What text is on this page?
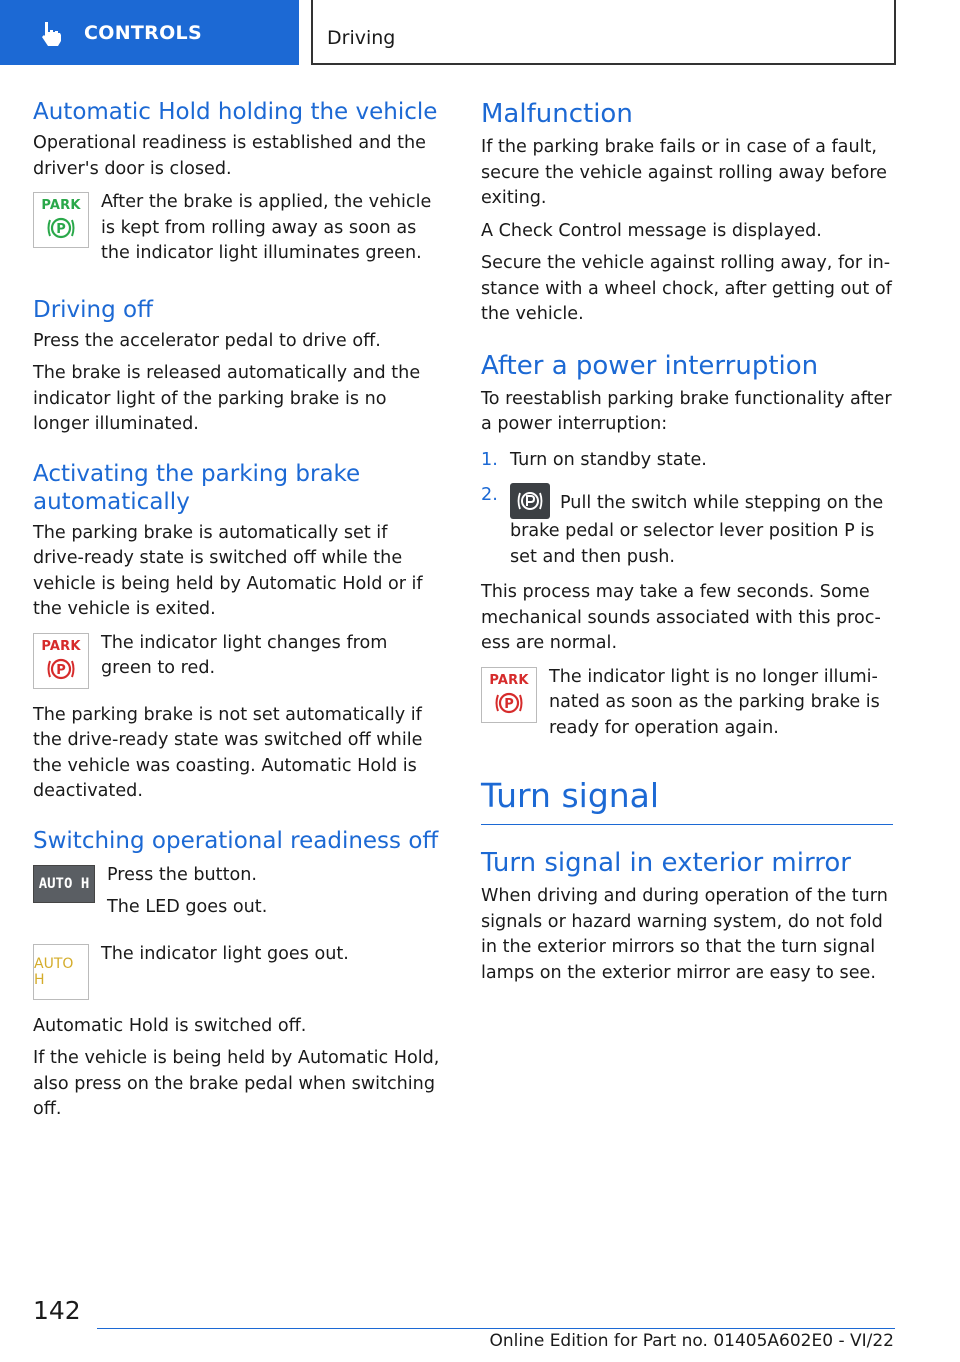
CONTROLS	Driving
Automatic Hold holding the vehicle

Operational readiness is established and the driver's door is closed.

PARK
P

After the brake is applied, the vehicle is kept from rolling away as soon as the indicator light illuminates green.

Driving off

Press the accelerator pedal to drive off.

The brake is released automatically and the indicator light of the parking brake is no longer illuminated.

Activating the parking brake automatically

The parking brake is automatically set if drive-ready state is switched off while the vehicle is being held by Automatic Hold or if the vehicle is exited.

PARK
P

The indicator light changes from green to red.

The parking brake is not set automatically if the drive-ready state was switched off while the vehicle was coasting. Automatic Hold is deactivated.

Switching operational readiness off
AUTO H	Press the button.

The LED goes out.

AUTO H

The indicator light goes out.

Automatic Hold is switched off.

If the vehicle is being held by Automatic Hold, also press on the brake pedal when switching off.

Malfunction

If the parking brake fails or in case of a fault, secure the vehicle against rolling away before exiting.

A Check Control message is displayed.

Secure the vehicle against rolling away, for in-stance with a wheel chock, after getting out of the vehicle.

After a power interruption

To reestablish parking brake functionality after a power interruption:

1. Turn on standby state.
2.	Pull the switch while stepping on the brake pedal or selector lever position P is set and then push.

This process may take a few seconds. Some mechanical sounds associated with this proc-ess are normal.

PARK
P

The indicator light is no longer illumi-nated as soon as the parking brake is ready for operation again.

Turn signal
Turn signal in exterior mirror

When driving and during operation of the turn signals or hazard warning system, do not fold in the exterior mirrors so that the turn signal lamps on the exterior mirror are easy to see.

142
Online Edition for Part no. 01405A602E0 - VI/22
